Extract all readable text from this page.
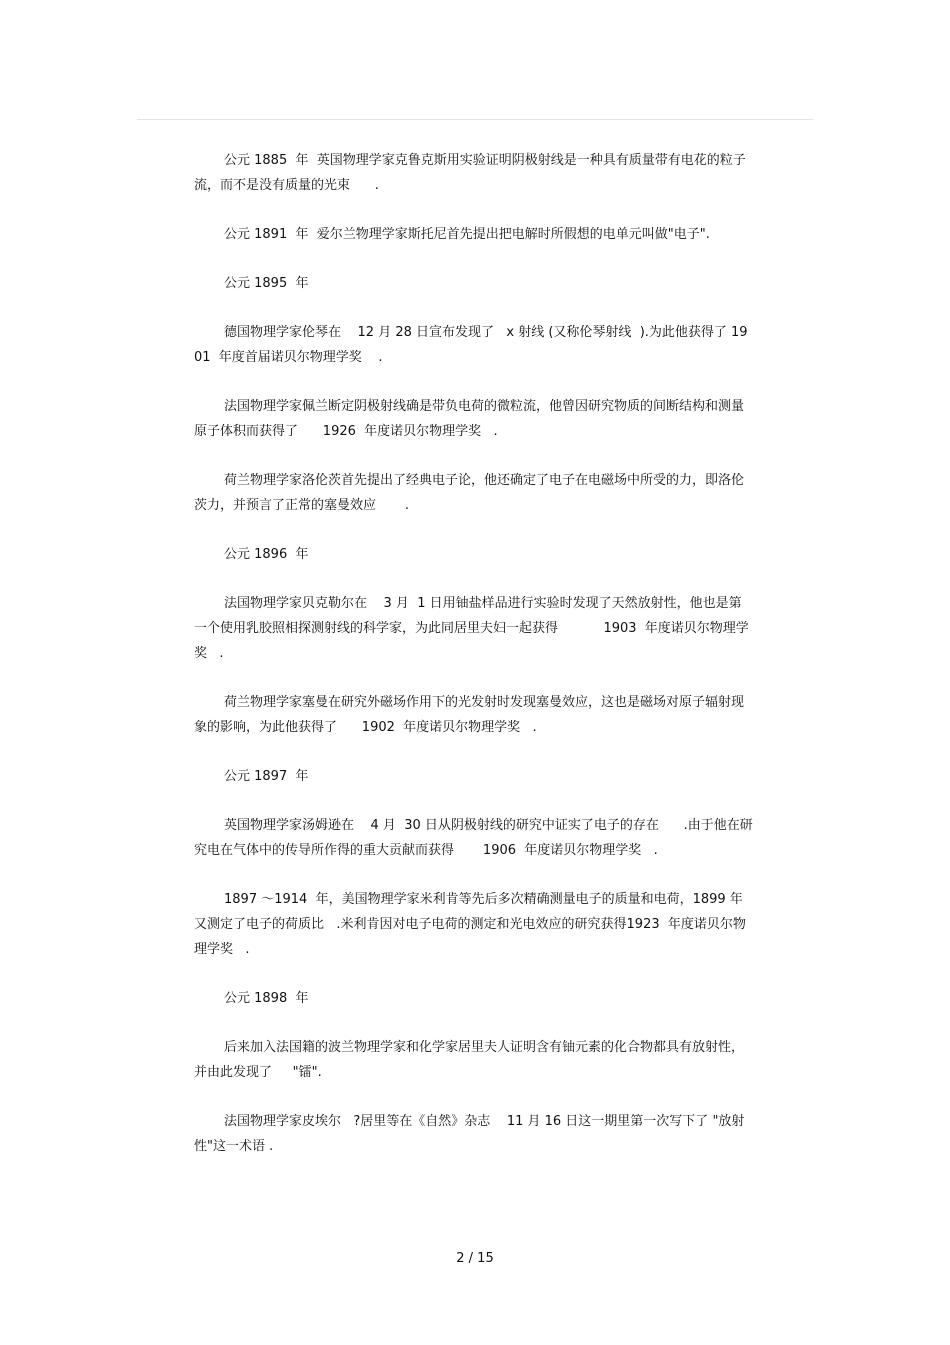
公元 1885  年  英国物理学家克鲁克斯用实验证明阴极射线是一种具有质量带有电花的粒子流，而不是没有质量的光束      .

公元 1891  年  爱尔兰物理学家斯托尼首先提出把电解时所假想的电单元叫做"电子".

公元 1895  年

德国物理学家伦琴在    12 月 28 日宣布发现了   x 射线 (又称伦琴射线  ).为此他获得了 1901  年度首届诺贝尔物理学奖    .

法国物理学家佩兰断定阴极射线确是带负电荷的微粒流，他曾因研究物质的间断结构和测量原子体积而获得了      1926  年度诺贝尔物理学奖   .

荷兰物理学家洛伦茨首先提出了经典电子论，他还确定了电子在电磁场中所受的力，即洛伦茨力，并预言了正常的塞曼效应       .

公元 1896  年

法国物理学家贝克勒尔在    3 月  1 日用铀盐样品进行实验时发现了天然放射性，他也是第一个使用乳胶照相探测射线的科学家，为此同居里夫妇一起获得           1903  年度诺贝尔物理学奖   .

荷兰物理学家塞曼在研究外磁场作用下的光发射时发现塞曼效应，这也是磁场对原子辐射现象的影响，为此他获得了      1902  年度诺贝尔物理学奖   .

公元 1897  年

英国物理学家汤姆逊在    4 月  30 日从阴极射线的研究中证实了电子的存在      .由于他在研究电在气体中的传导所作得的重大贡献而获得       1906  年度诺贝尔物理学奖   .

1897 ～1914  年，美国物理学家米利肯等先后多次精确测量电子的质量和电荷，1899 年又测定了电子的荷质比   .米利肯因对电子电荷的测定和光电效应的研究获得1923  年度诺贝尔物理学奖   .

公元 1898  年

后来加入法国籍的波兰物理学家和化学家居里夫人证明含有铀元素的化合物都具有放射性，并由此发现了     "镭".

法国物理学家皮埃尔   ?居里等在《自然》杂志    11 月 16 日这一期里第一次写下了 "放射性"这一术语 .

2 / 15
